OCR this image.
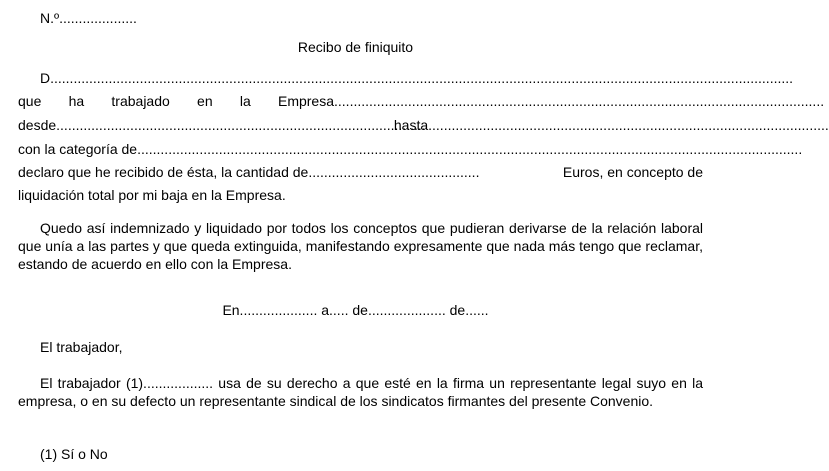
N.º....................
Recibo de finiquito
D...............................................................................................................................................................................................
que ha trabajado en la Empresa..............................................................................................................................
desde............................................................................................... hasta.......................................................................................................
con la categoría de...........................................................................................................................................................................
declaro que he recibido de ésta, la cantidad de............................................	Euros, en concepto de
liquidación total por mi baja en la Empresa.
Quedo así indemnizado y liquidado por todos los conceptos que pudieran derivarse de la relación laboral que unía a las partes y que queda extinguida, manifestando expresamente que nada más tengo que reclamar, estando de acuerdo en ello con la Empresa.
En.................... a..... de.................... de......
El trabajador,
El trabajador (1).................. usa de su derecho a que esté en la firma un representante legal suyo en la empresa, o en su defecto un representante sindical de los sindicatos firmantes del presente Convenio.
(1) Sí o No
